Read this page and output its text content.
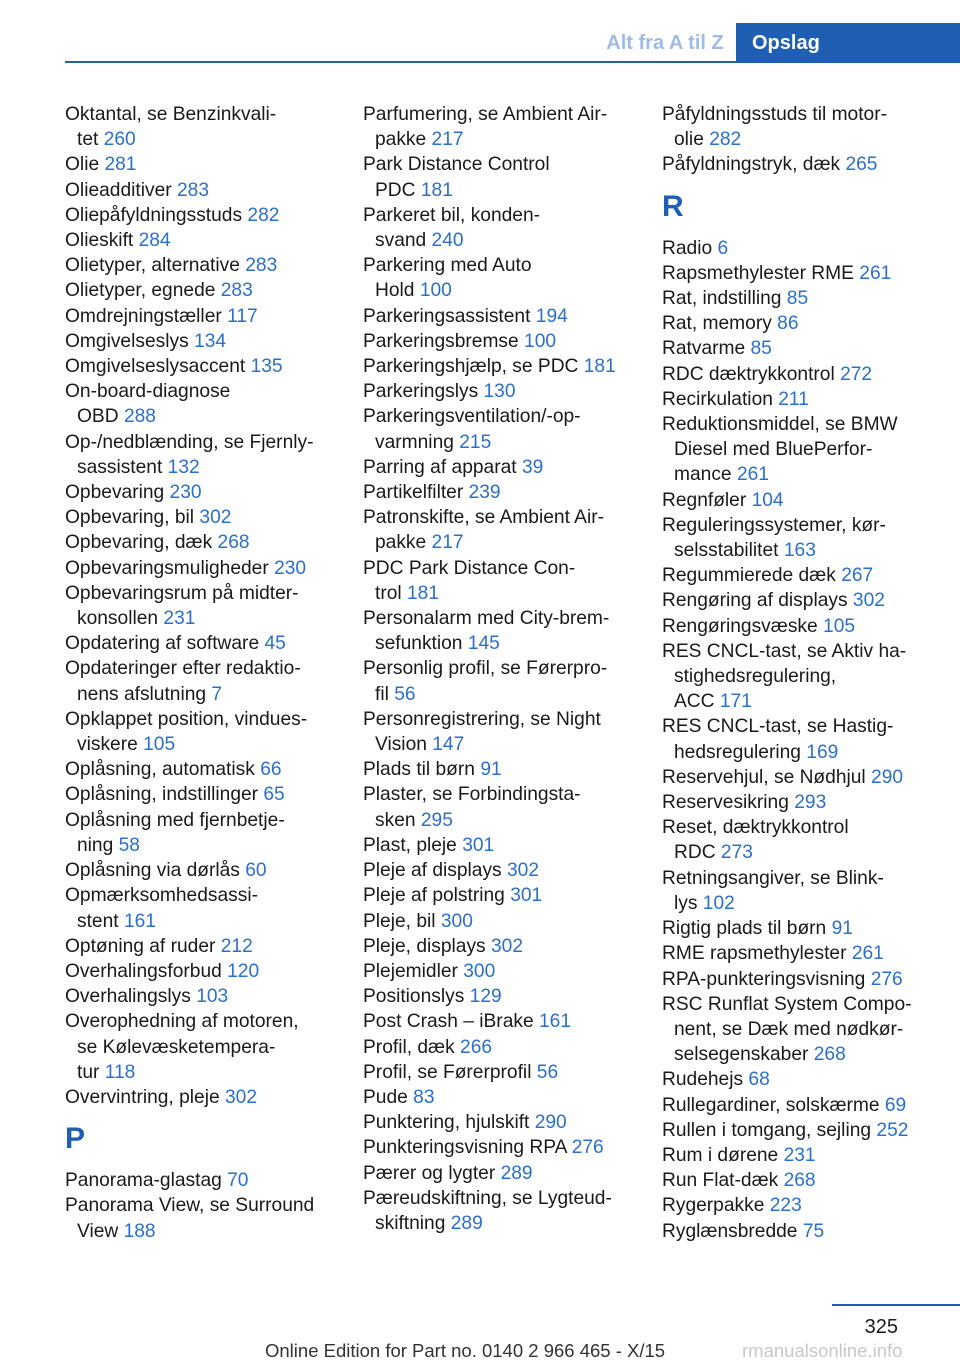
Alt fra A til Z	Opslag
Oktantal, se Benzinkvali-
tet 260
Olie 281
Olieadditiver 283
Oliepåfyldningsstuds 282
Olieskift 284
Olietyper, alternative 283
Olietyper, egnede 283
Omdrejningstæller 117
Omgivelseslys 134
Omgivelseslysaccent 135
On-board-diagnose
OBD 288
Op-/nedblænding, se Fjernly-
sassistent 132
Opbevaring 230
Opbevaring, bil 302
Opbevaring, dæk 268
Opbevaringsmuligheder 230
Opbevaringsrum på midter-
konsollen 231
Opdatering af software 45
Opdateringer efter redaktio-
nens afslutning 7
Opklappet position, vindues-
viskere 105
Oplåsning, automatisk 66
Oplåsning, indstillinger 65
Oplåsning med fjernbetje-
ning 58
Oplåsning via dørlås 60
Opmærksomhedsassi-
stent 161
Optøning af ruder 212
Overhalingsforbud 120
Overhalingslys 103
Overophedning af motoren,
se Kølevæsketempera-
tur 118
Overvintring, pleje 302
P
Panorama-glastag 70
Panorama View, se Surround
View 188
Parfumering, se Ambient Air-
pakke 217
Park Distance Control
PDC 181
Parkeret bil, konden-
svand 240
Parkering med Auto
Hold 100
Parkeringsassistent 194
Parkeringsbremse 100
Parkeringshjælp, se PDC 181
Parkeringslys 130
Parkeringsventilation/-op-
varmning 215
Parring af apparat 39
Partikelfilter 239
Patronskifte, se Ambient Air-
pakke 217
PDC Park Distance Con-
trol 181
Personalarm med City-brem-
sefunktion 145
Personlig profil, se Førerpro-
fil 56
Personregistrering, se Night
Vision 147
Plads til børn 91
Plaster, se Forbindingsta-
sken 295
Plast, pleje 301
Pleje af displays 302
Pleje af polstring 301
Pleje, bil 300
Pleje, displays 302
Plejemidler 300
Positionslys 129
Post Crash – iBrake 161
Profil, dæk 266
Profil, se Førerprofil 56
Pude 83
Punktering, hjulskift 290
Punkteringsvisning RPA 276
Pærer og lygter 289
Pæreudskiftning, se Lygteud-
skiftning 289
Påfyldningsstuds til motor-
olie 282
Påfyldningstryk, dæk 265
R
Radio 6
Rapsmethylester RME 261
Rat, indstilling 85
Rat, memory 86
Ratvarme 85
RDC dæktrykkontrol 272
Recirkulation 211
Reduktionsmiddel, se BMW
Diesel med BluePerfor-
mance 261
Regnføler 104
Reguleringssystemer, kør-
selsstabilitet 163
Regummierede dæk 267
Rengøring af displays 302
Rengøringsvæske 105
RES CNCL-tast, se Aktiv ha-
stighedsregulering,
ACC 171
RES CNCL-tast, se Hastig-
hedsregulering 169
Reservehjul, se Nødhjul 290
Reservesikring 293
Reset, dæktrykkontrol
RDC 273
Retningsangiver, se Blink-
lys 102
Rigtig plads til børn 91
RME rapsmethylester 261
RPA-punkteringsvisning 276
RSC Runflat System Compo-
nent, se Dæk med nødkør-
selsegenskaber 268
Rudehejs 68
Rullegardiner, solskærme 69
Rullen i tomgang, sejling 252
Rum i dørene 231
Run Flat-dæk 268
Rygerpakke 223
Ryglænsbredde 75
325
Online Edition for Part no. 0140 2 966 465 - X/15	rmanualsonline.info
